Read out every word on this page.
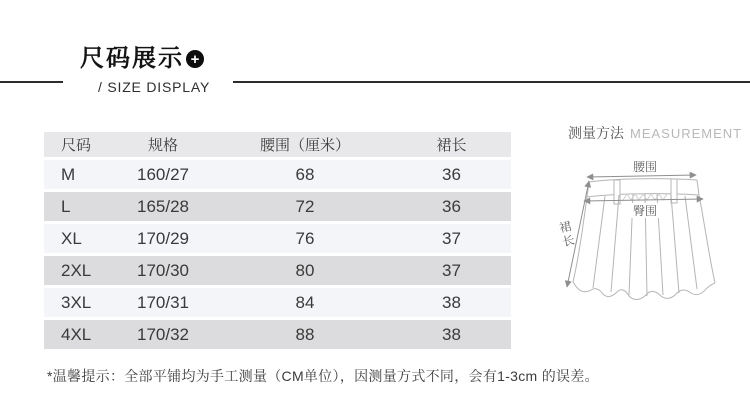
尺码展示 +
/ SIZE DISPLAY
尺码	规格	腰围（厘米）	裙长
M	160/27	68	36
L	165/28	72	36
XL	170/29	76	37
2XL	170/30	80	37
3XL	170/31	84	38
4XL	170/32	88	38
测量方法 MEASUREMENT
腰围
臀围
裙
长
*温馨提示：全部平铺均为手工测量（CM单位），因测量方式不同，会有1-3cm 的误差。
